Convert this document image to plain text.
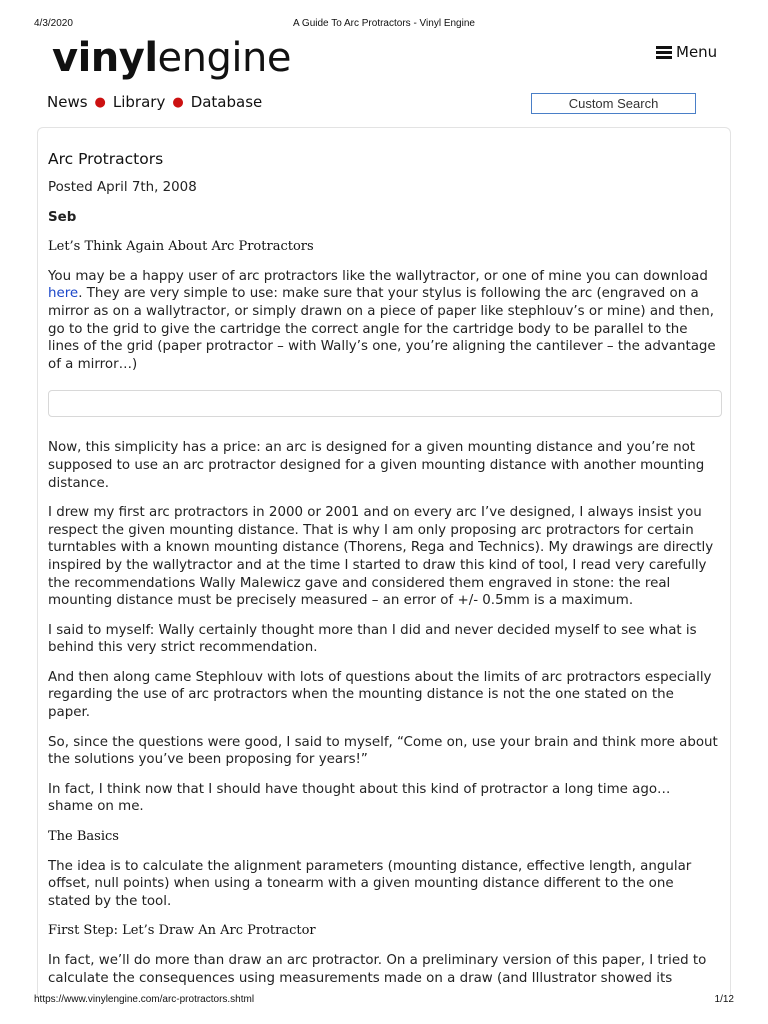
4/3/2020	A Guide To Arc Protractors - Vinyl Engine
vinylengine	Menu
News ● Library ● Database	Custom Search
Arc Protractors
Posted April 7th, 2008
Seb
Let’s Think Again About Arc Protractors

You may be a happy user of arc protractors like the wallytractor, or one of mine you can download here. They are very simple to use: make sure that your stylus is following the arc (engraved on a mirror as on a wallytractor, or simply drawn on a piece of paper like stephlouv’s or mine) and then, go to the grid to give the cartridge the correct angle for the cartridge body to be parallel to the lines of the grid (paper protractor – with Wally’s one, you’re aligning the cantilever – the advantage of a mirror…)

Now, this simplicity has a price: an arc is designed for a given mounting distance and you’re not supposed to use an arc protractor designed for a given mounting distance with another mounting distance.

I drew my first arc protractors in 2000 or 2001 and on every arc I’ve designed, I always insist you respect the given mounting distance. That is why I am only proposing arc protractors for certain turntables with a known mounting distance (Thorens, Rega and Technics). My drawings are directly inspired by the wallytractor and at the time I started to draw this kind of tool, I read very carefully the recommendations Wally Malewicz gave and considered them engraved in stone: the real mounting distance must be precisely measured – an error of +/- 0.5mm is a maximum.

I said to myself: Wally certainly thought more than I did and never decided myself to see what is behind this very strict recommendation.

And then along came Stephlouv with lots of questions about the limits of arc protractors especially regarding the use of arc protractors when the mounting distance is not the one stated on the paper.

So, since the questions were good, I said to myself, “Come on, use your brain and think more about the solutions you’ve been proposing for years!”

In fact, I think now that I should have thought about this kind of protractor a long time ago… shame on me.

The Basics

The idea is to calculate the alignment parameters (mounting distance, effective length, angular offset, null points) when using a tonearm with a given mounting distance different to the one stated by the tool.

First Step: Let’s Draw An Arc Protractor

In fact, we’ll do more than draw an arc protractor. On a preliminary version of this paper, I tried to calculate the consequences using measurements made on a draw (and Illustrator showed its

https://www.vinylengine.com/arc-protractors.shtml	1/12
